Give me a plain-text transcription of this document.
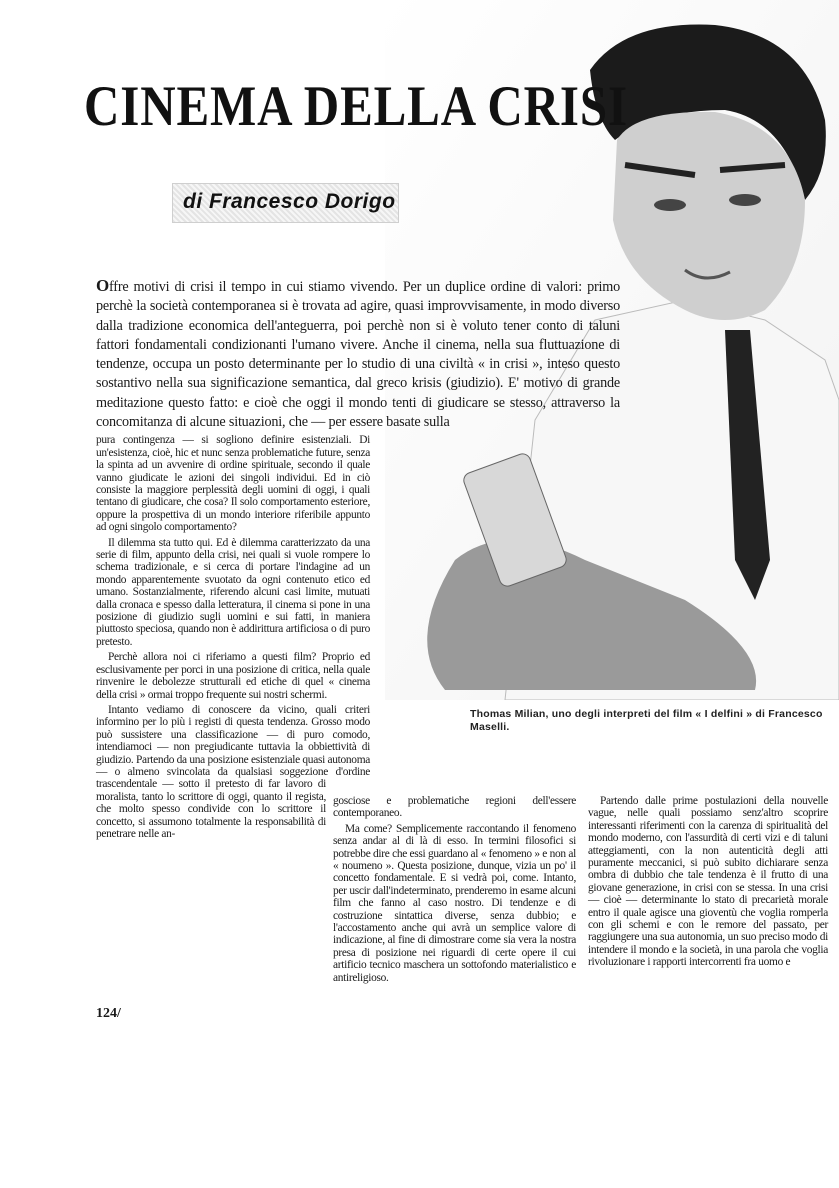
CINEMA DELLA CRISI
di Francesco Dorigo

Offre motivi di crisi il tempo in cui stiamo vivendo. Per un duplice ordine di valori: primo perchè la società contemporanea si è trovata ad agire, quasi improvvisamente, in modo diverso dalla tradizione economica dell'anteguerra, poi perchè non si è voluto tener conto di taluni fattori fondamentali condizionanti l'umano vivere. Anche il cinema, nella sua fluttuazione di tendenze, occupa un posto determinante per lo studio di una civiltà « in crisi », inteso questo sostantivo nella sua significazione semantica, dal greco krisis (giudizio). E' motivo di grande meditazione questo fatto: e cioè che oggi il mondo tenti di giudicare se stesso, attraverso la concomitanza di alcune situazioni, che — per essere basate sulla

pura contingenza — si sogliono definire esistenziali. Di un'esistenza, cioè, hic et nunc senza problematiche future, senza la spinta ad un avvenire di ordine spirituale, secondo il quale vanno giudicate le azioni dei singoli individui. Ed in ciò consiste la maggiore perplessità degli uomini di oggi, i quali tentano di giudicare, che cosa? Il solo comportamento esteriore, oppure la prospettiva di un mondo interiore riferibile appunto ad ogni singolo comportamento?

Il dilemma sta tutto qui. Ed è dilemma caratterizzato da una serie di film, appunto della crisi, nei quali si vuole rompere lo schema tradizionale, e si cerca di portare l'indagine ad un mondo apparentemente svuotato da ogni contenuto etico ed umano. Sostanzialmente, riferendo alcuni casi limite, mutuati dalla cronaca e spesso dalla letteratura, il cinema si pone in una posizione di giudizio sugli uomini e sui fatti, in maniera piuttosto speciosa, quando non è addirittura artificiosa o di puro pretesto.

Perchè allora noi ci riferiamo a questi film? Proprio ed esclusivamente per porci in una posizione di critica, nella quale rinvenire le debolezze strutturali ed etiche di quel « cinema della crisi » ormai troppo frequente sui nostri schermi.

Intanto vediamo di conoscere da vicino, quali criteri informino per lo più i registi di questa tendenza. Grosso modo può sussistere una classificazione — di puro comodo, intendiamoci — non pregiudicante tuttavia la obbiettività di giudizio. Partendo da una posizione esistenziale quasi autonoma — o almeno svincolata da qualsiasi soggezione d'ordine trascendentale — sotto il pretesto di far lavoro di moralista, tanto lo scrittore di oggi, quanto il regista, che molto spesso condivide con lo scrittore il concetto, si assumono totalmente la responsabilità di penetrare nelle an-

gosciose e problematiche regioni dell'essere contemporaneo.

Ma come? Semplicemente raccontando il fenomeno senza andar al di là di esso. In termini filosofici si potrebbe dire che essi guardano al « fenomeno » e non al « noumeno ». Questa posizione, dunque, vizia un po' il concetto fondamentale. E si vedrà poi, come. Intanto, per uscir dall'indeterminato, prenderemo in esame alcuni film che fanno al caso nostro. Di tendenze e di costruzione sintattica diverse, senza dubbio; e l'accostamento anche qui avrà un semplice valore di indicazione, al fine di dimostrare come sia vera la nostra presa di posizione nei riguardi di certe opere il cui artificio tecnico maschera un sottofondo materialistico e antireligioso.

Partendo dalle prime postulazioni della nouvelle vague, nelle quali possiamo senz'altro scoprire interessanti riferimenti con la carenza di spiritualità del mondo moderno, con l'assurdità di certi vizi e di taluni atteggiamenti, con la non autenticità degli atti puramente meccanici, si può subito dichiarare senza ombra di dubbio che tale tendenza è il frutto di una giovane generazione, in crisi con se stessa. In una crisi — cioè — determinante lo stato di precarietà morale entro il quale agisce una gioventù che voglia romperla con gli schemi e con le remore del passato, per raggiungere una sua autonomia, un suo preciso modo di intendere il mondo e la società, in una parola che voglia rivoluzionare i rapporti intercorrenti fra uomo e

Thomas Milian, uno degli interpreti del film « I delfini » di Francesco Maselli.
124/
